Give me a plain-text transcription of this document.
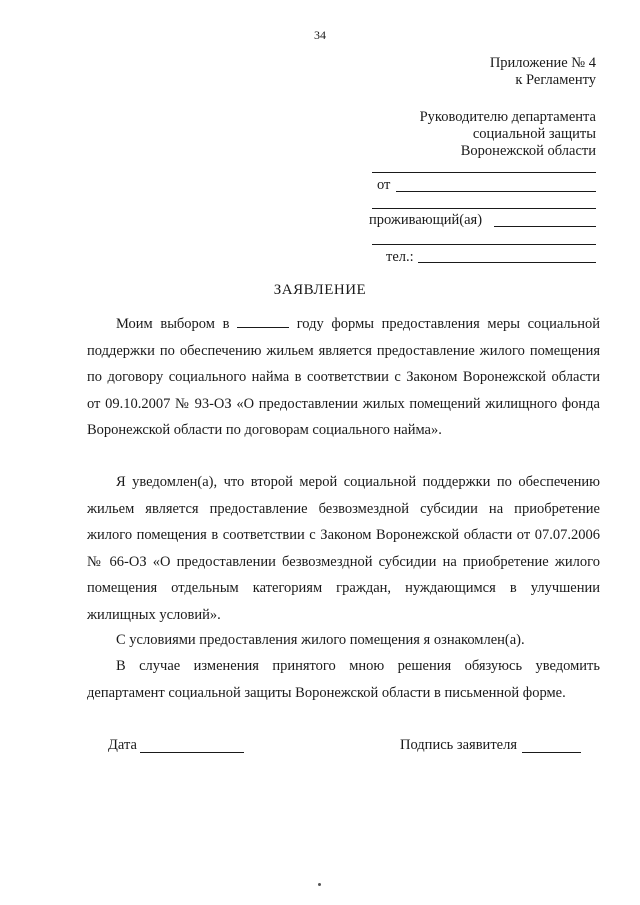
34
Приложение № 4
к Регламенту
Руководителю департамента
социальной защиты
Воронежской области
от
проживающий(ая)
тел.:
ЗАЯВЛЕНИЕ
Моим выбором в	году формы предоставления меры социальной поддержки по обеспечению жильем является предоставление жилого помещения по договору социального найма в соответствии с Законом Воронежской области от 09.10.2007 № 93-ОЗ «О предоставлении жилых помещений жилищного фонда Воронежской области по договорам социального найма».
Я уведомлен(а), что второй мерой социальной поддержки по обеспечению жильем является предоставление безвозмездной субсидии на приобретение жилого помещения в соответствии с Законом Воронежской области от 07.07.2006 № 66-ОЗ «О предоставлении безвозмездной субсидии на приобретение жилого помещения отдельным категориям граждан, нуждающимся в улучшении жилищных условий».
С условиями предоставления жилого помещения я ознакомлен(а).
В случае изменения принятого мною решения обязуюсь уведомить департамент социальной защиты Воронежской области в письменной форме.
Дата	Подпись заявителя
